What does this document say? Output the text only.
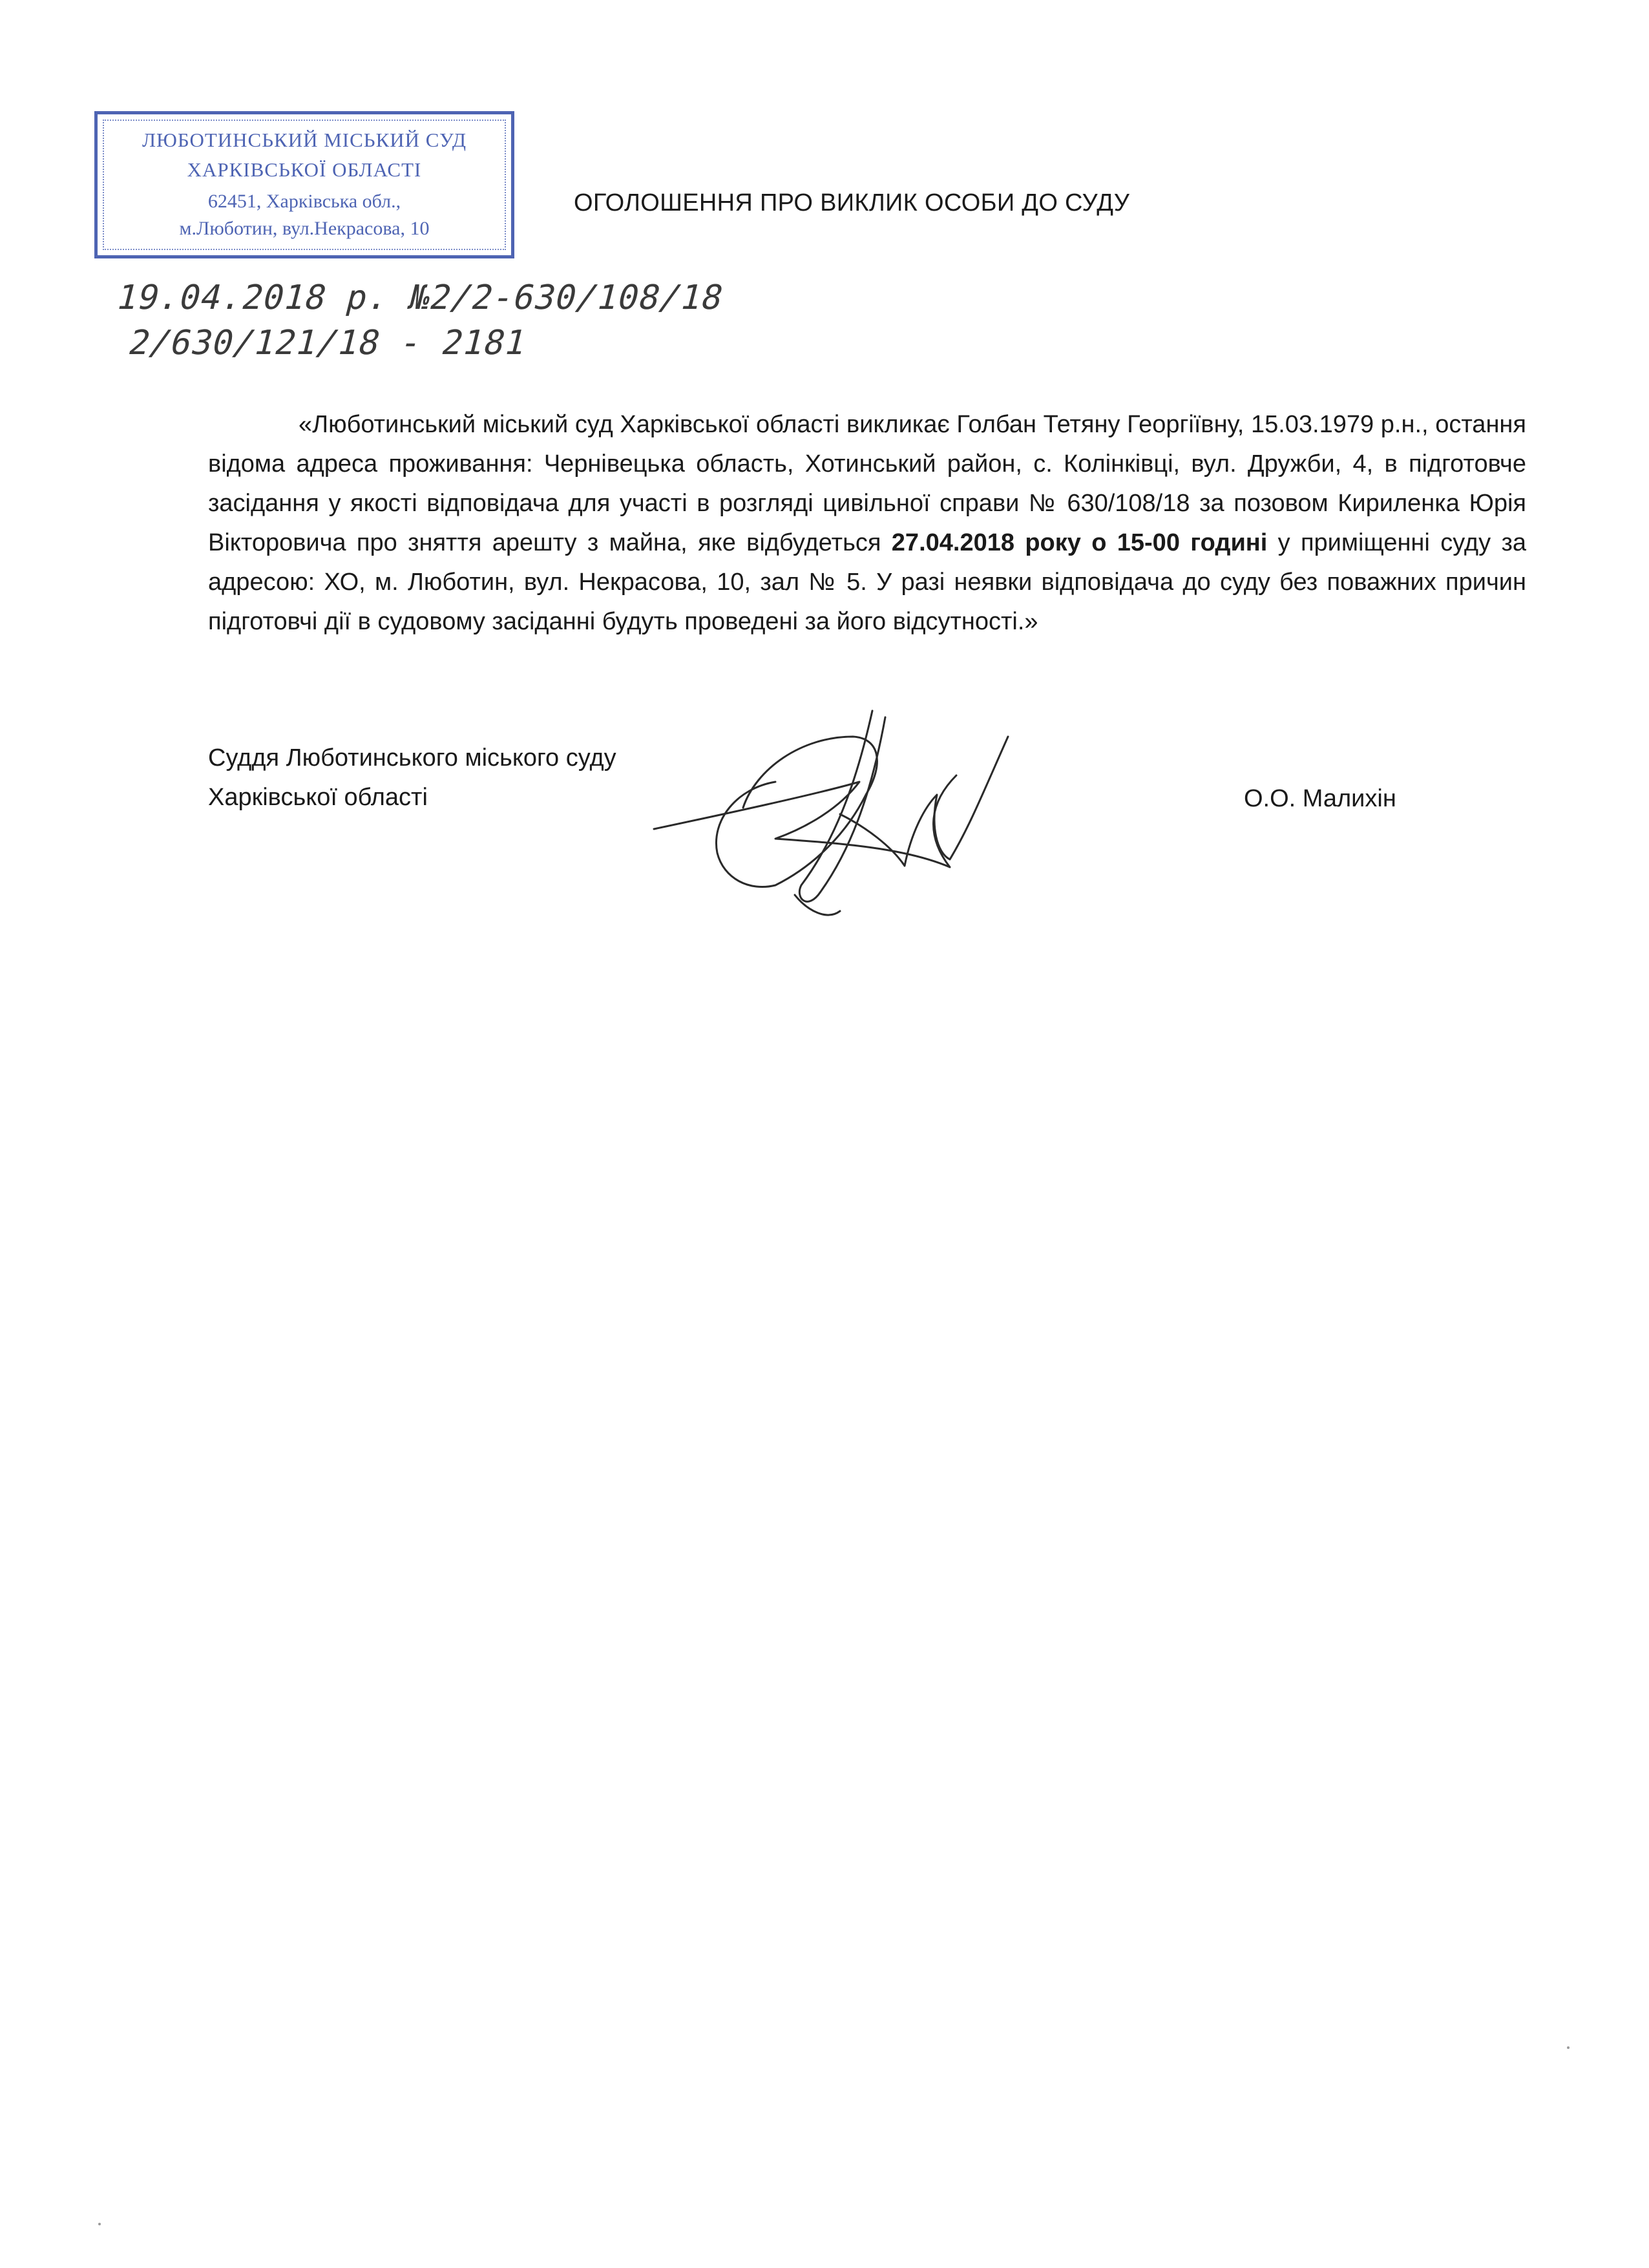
ЛЮБОТИНСЬКИЙ МІСЬКИЙ СУД
ХАРКІВСЬКОЇ ОБЛАСТІ
62451, Харківська обл.,
м.Люботин, вул.Некрасова, 10
19.04.2018 р. №2/2-630/108/18
2/630/121/18 - 2181
ОГОЛОШЕННЯ ПРО ВИКЛИК ОСОБИ ДО СУДУ
«Люботинський міський суд Харківської області викликає Голбан Тетяну Георгіївну, 15.03.1979 р.н., остання відома адреса проживання: Чернівецька область, Хотинський район, с. Колінківці, вул. Дружби, 4, в підготовче засідання у якості відповідача для участі в розгляді цивільної справи № 630/108/18 за позовом Кириленка Юрія Вікторовича про зняття арешту з майна, яке відбудеться 27.04.2018 року о 15-00 годині у приміщенні суду за адресою: ХО, м. Люботин, вул. Некрасова, 10, зал № 5. У разі неявки відповідача до суду без поважних причин підготовчі дії в судовому засіданні будуть проведені за його відсутності.»
Суддя Люботинського міського суду
Харківської області	О.О. Малихін
